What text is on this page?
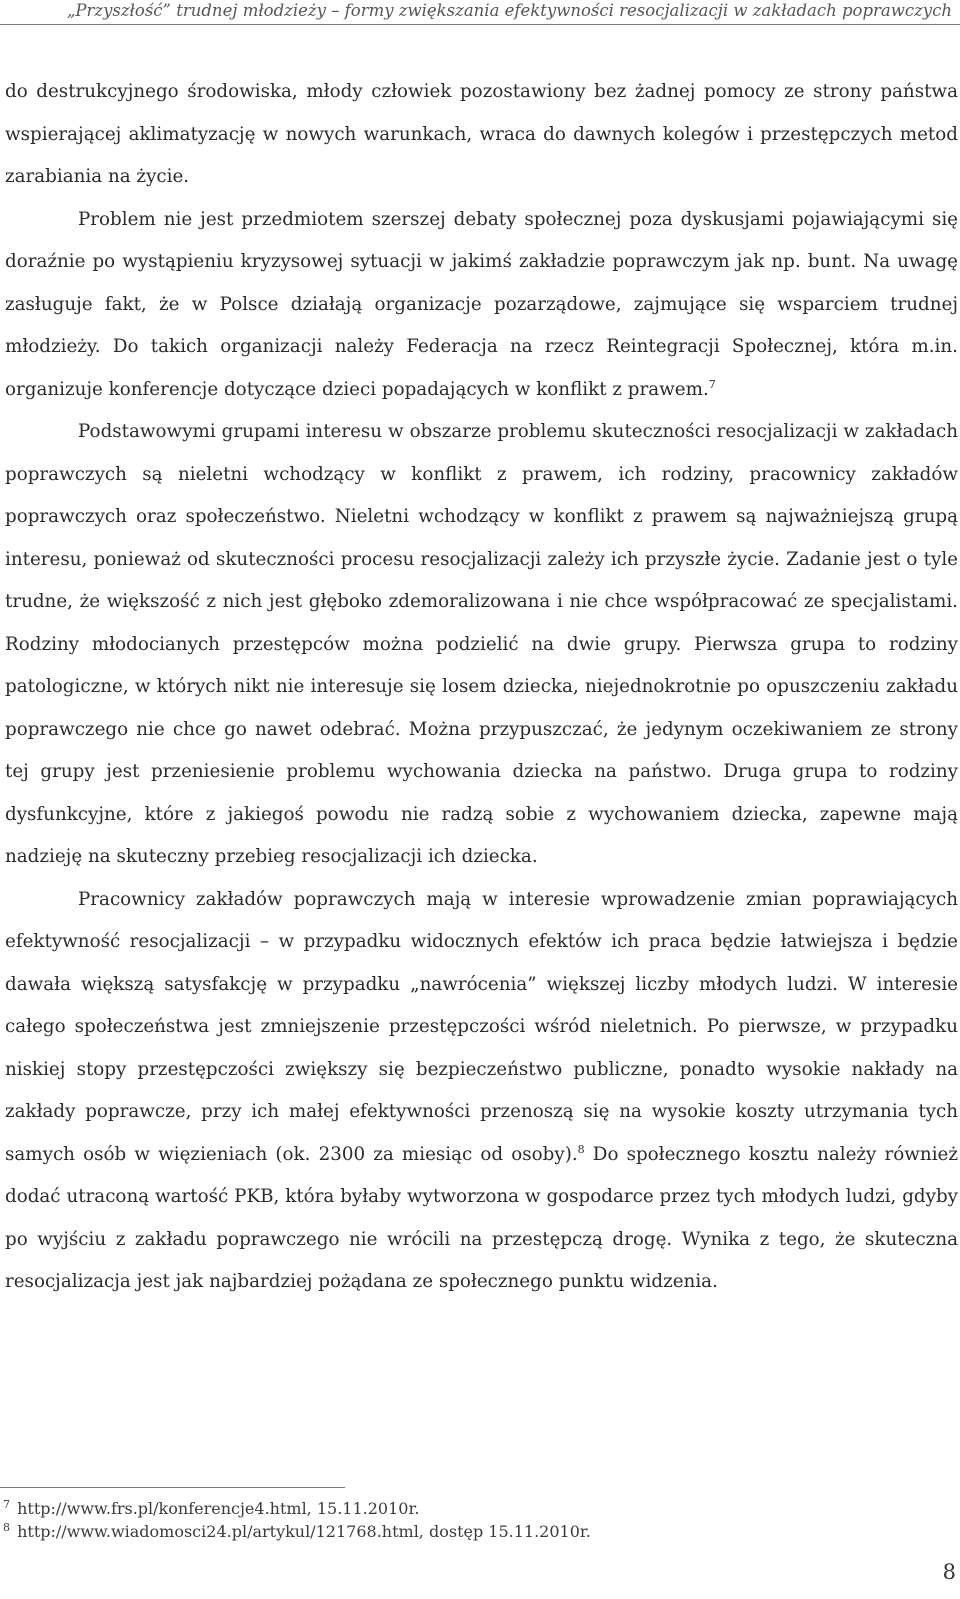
„Przyszłość” trudnej młodzieży – formy zwiększania efektywności resocjalizacji w zakładach poprawczych

do destrukcyjnego środowiska, młody człowiek pozostawiony bez żadnej pomocy ze strony państwa wspierającej aklimatyzację w nowych warunkach, wraca do dawnych kolegów i przestępczych metod zarabiania na życie.

Problem nie jest przedmiotem szerszej debaty społecznej poza dyskusjami pojawiającymi się doraźnie po wystąpieniu kryzysowej sytuacji w jakimś zakładzie poprawczym jak np. bunt. Na uwagę zasługuje fakt, że w Polsce działają organizacje pozarządowe, zajmujące się wsparciem trudnej młodzieży. Do takich organizacji należy Federacja na rzecz Reintegracji Społecznej, która m.in. organizuje konferencje dotyczące dzieci popadających w konflikt z prawem.$^7$

Podstawowymi grupami interesu w obszarze problemu skuteczności resocjalizacji w zakładach poprawczych są nieletni wchodzący w konflikt z prawem, ich rodziny, pracownicy zakładów poprawczych oraz społeczeństwo. Nieletni wchodzący w konflikt z prawem są najważniejszą grupą interesu, ponieważ od skuteczności procesu resocjalizacji zależy ich przyszłe życie. Zadanie jest o tyle trudne, że większość z nich jest głęboko zdemoralizowana i nie chce współpracować ze specjalistami. Rodziny młodocianych przestępców można podzielić na dwie grupy. Pierwsza grupa to rodziny patologiczne, w których nikt nie interesuje się losem dziecka, niejednokrotnie po opuszczeniu zakładu poprawczego nie chce go nawet odebrać. Można przypuszczać, że jedynym oczekiwaniem ze strony tej grupy jest przeniesienie problemu wychowania dziecka na państwo. Druga grupa to rodziny dysfunkcyjne, które z jakiegoś powodu nie radzą sobie z wychowaniem dziecka, zapewne mają nadzieję na skuteczny przebieg resocjalizacji ich dziecka.

Pracownicy zakładów poprawczych mają w interesie wprowadzenie zmian poprawiających efektywność resocjalizacji – w przypadku widocznych efektów ich praca będzie łatwiejsza i będzie dawała większą satysfakcję w przypadku „nawrócenia” większej liczby młodych ludzi. W interesie całego społeczeństwa jest zmniejszenie przestępczości wśród nieletnich. Po pierwsze, w przypadku niskiej stopy przestępczości zwiększy się bezpieczeństwo publiczne, ponadto wysokie nakłady na zakłady poprawcze, przy ich małej efektywności przenoszą się na wysokie koszty utrzymania tych samych osób w więzieniach (ok. 2300 za miesiąc od osoby).$^8$ Do społecznego kosztu należy również dodać utraconą wartość PKB, która byłaby wytworzona w gospodarce przez tych młodych ludzi, gdyby po wyjściu z zakładu poprawczego nie wrócili na przestępczą drogę. Wynika z tego, że skuteczna resocjalizacja jest jak najbardziej pożądana ze społecznego punktu widzenia.

$^7$ http://www.frs.pl/konferencje4.html, 15.11.2010r.
$^8$ http://www.wiadomosci24.pl/artykul/121768.html, dostęp 15.11.2010r.
8
